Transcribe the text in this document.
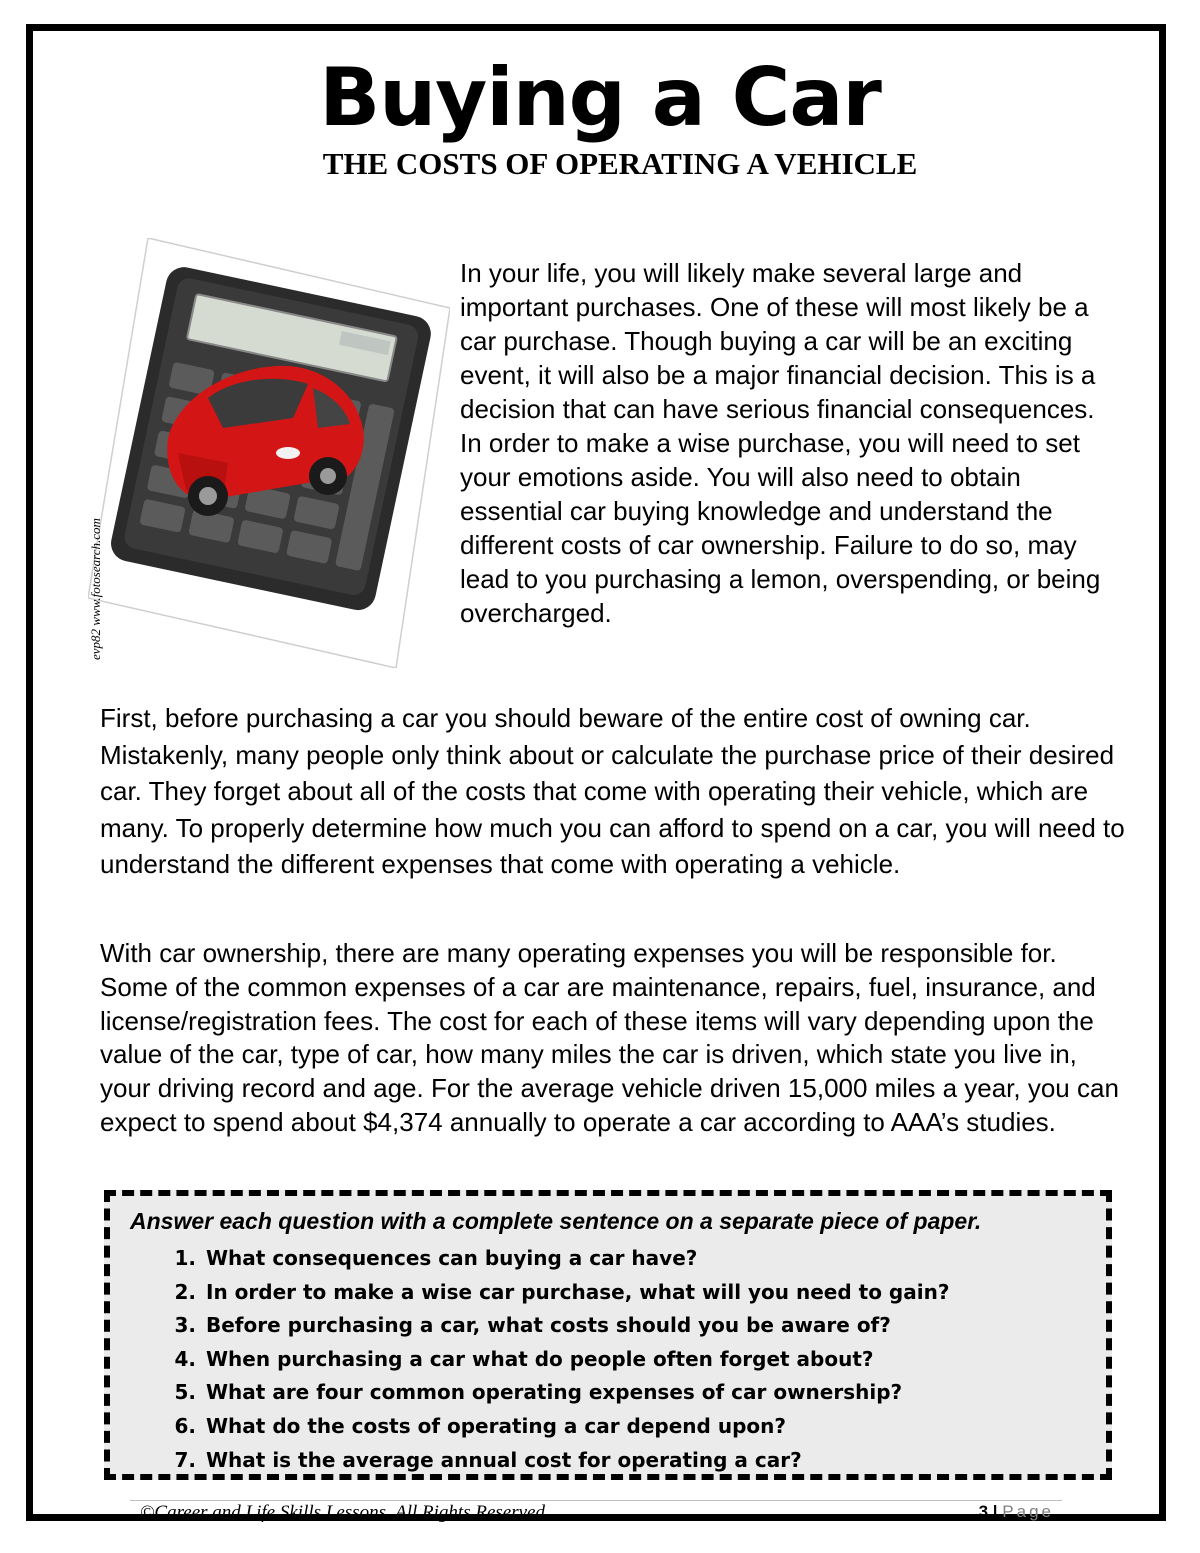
Buying a Car
THE COSTS OF OPERATING A VEHICLE
evp82 www.fotosearch.com

In your life, you will likely make several large and important purchases. One of these will most likely be a car purchase. Though buying a car will be an exciting event, it will also be a major financial decision. This is a decision that can have serious financial consequences. In order to make a wise purchase, you will need to set your emotions aside. You will also need to obtain essential car buying knowledge and understand the different costs of car ownership. Failure to do so, may lead to you purchasing a lemon, overspending, or being overcharged.

First, before purchasing a car you should beware of the entire cost of owning car. Mistakenly, many people only think about or calculate the purchase price of their desired car. They forget about all of the costs that come with operating their vehicle, which are many. To properly determine how much you can afford to spend on a car, you will need to understand the different expenses that come with operating a vehicle.

With car ownership, there are many operating expenses you will be responsible for. Some of the common expenses of a car are maintenance, repairs, fuel, insurance, and license/registration fees. The cost for each of these items will vary depending upon the value of the car, type of car, how many miles the car is driven, which state you live in, your driving record and age. For the average vehicle driven 15,000 miles a year, you can expect to spend about $4,374 annually to operate a car according to AAA’s studies.

Answer each question with a complete sentence on a separate piece of paper.

1. What consequences can buying a car have?
2. In order to make a wise car purchase, what will you need to gain?
3. Before purchasing a car, what costs should you be aware of?
4. When purchasing a car what do people often forget about?
5. What are four common operating expenses of car ownership?
6. What do the costs of operating a car depend upon?
7. What is the average annual cost for operating a car?

©Career and Life Skills Lessons. All Rights Reserved.	3 | Page
